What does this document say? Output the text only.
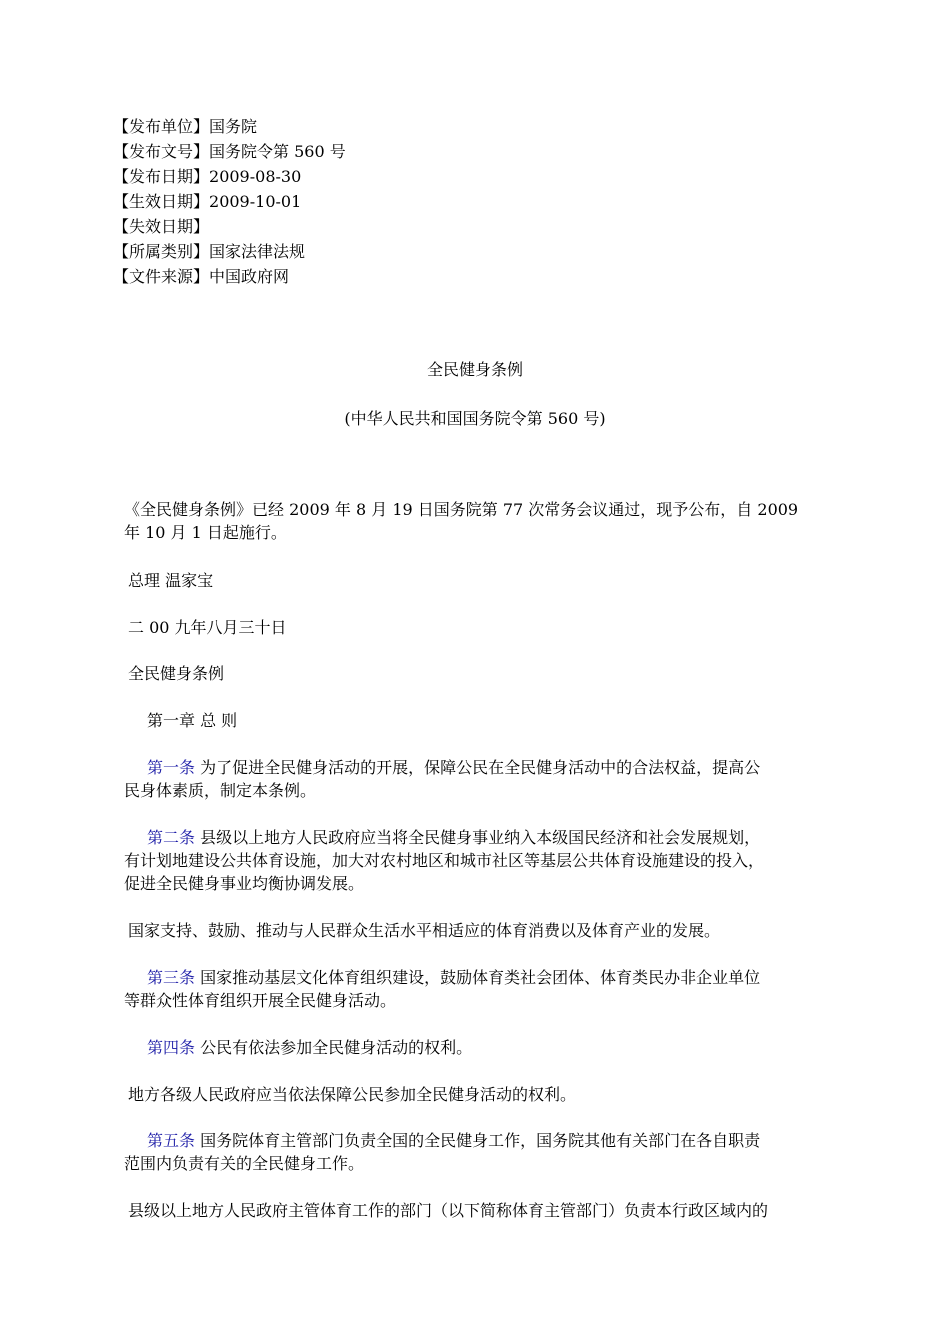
【发布单位】国务院
【发布文号】国务院令第 560 号
【发布日期】2009-08-30
【生效日期】2009-10-01
【失效日期】
【所属类别】国家法律法规
【文件来源】中国政府网
全民健身条例
(中华人民共和国国务院令第 560 号)
《全民健身条例》已经 2009 年 8 月 19 日国务院第 77 次常务会议通过，现予公布，自 2009
年 10 月 1 日起施行。
总理 温家宝
二 00 九年八月三十日
全民健身条例
第一章 总 则
第一条 为了促进全民健身活动的开展，保障公民在全民健身活动中的合法权益，提高公
民身体素质，制定本条例。
第二条 县级以上地方人民政府应当将全民健身事业纳入本级国民经济和社会发展规划，
有计划地建设公共体育设施，加大对农村地区和城市社区等基层公共体育设施建设的投入，
促进全民健身事业均衡协调发展。
国家支持、鼓励、推动与人民群众生活水平相适应的体育消费以及体育产业的发展。
第三条 国家推动基层文化体育组织建设，鼓励体育类社会团体、体育类民办非企业单位
等群众性体育组织开展全民健身活动。
第四条 公民有依法参加全民健身活动的权利。
地方各级人民政府应当依法保障公民参加全民健身活动的权利。
第五条 国务院体育主管部门负责全国的全民健身工作，国务院其他有关部门在各自职责
范围内负责有关的全民健身工作。
县级以上地方人民政府主管体育工作的部门（以下简称体育主管部门）负责本行政区域内的
